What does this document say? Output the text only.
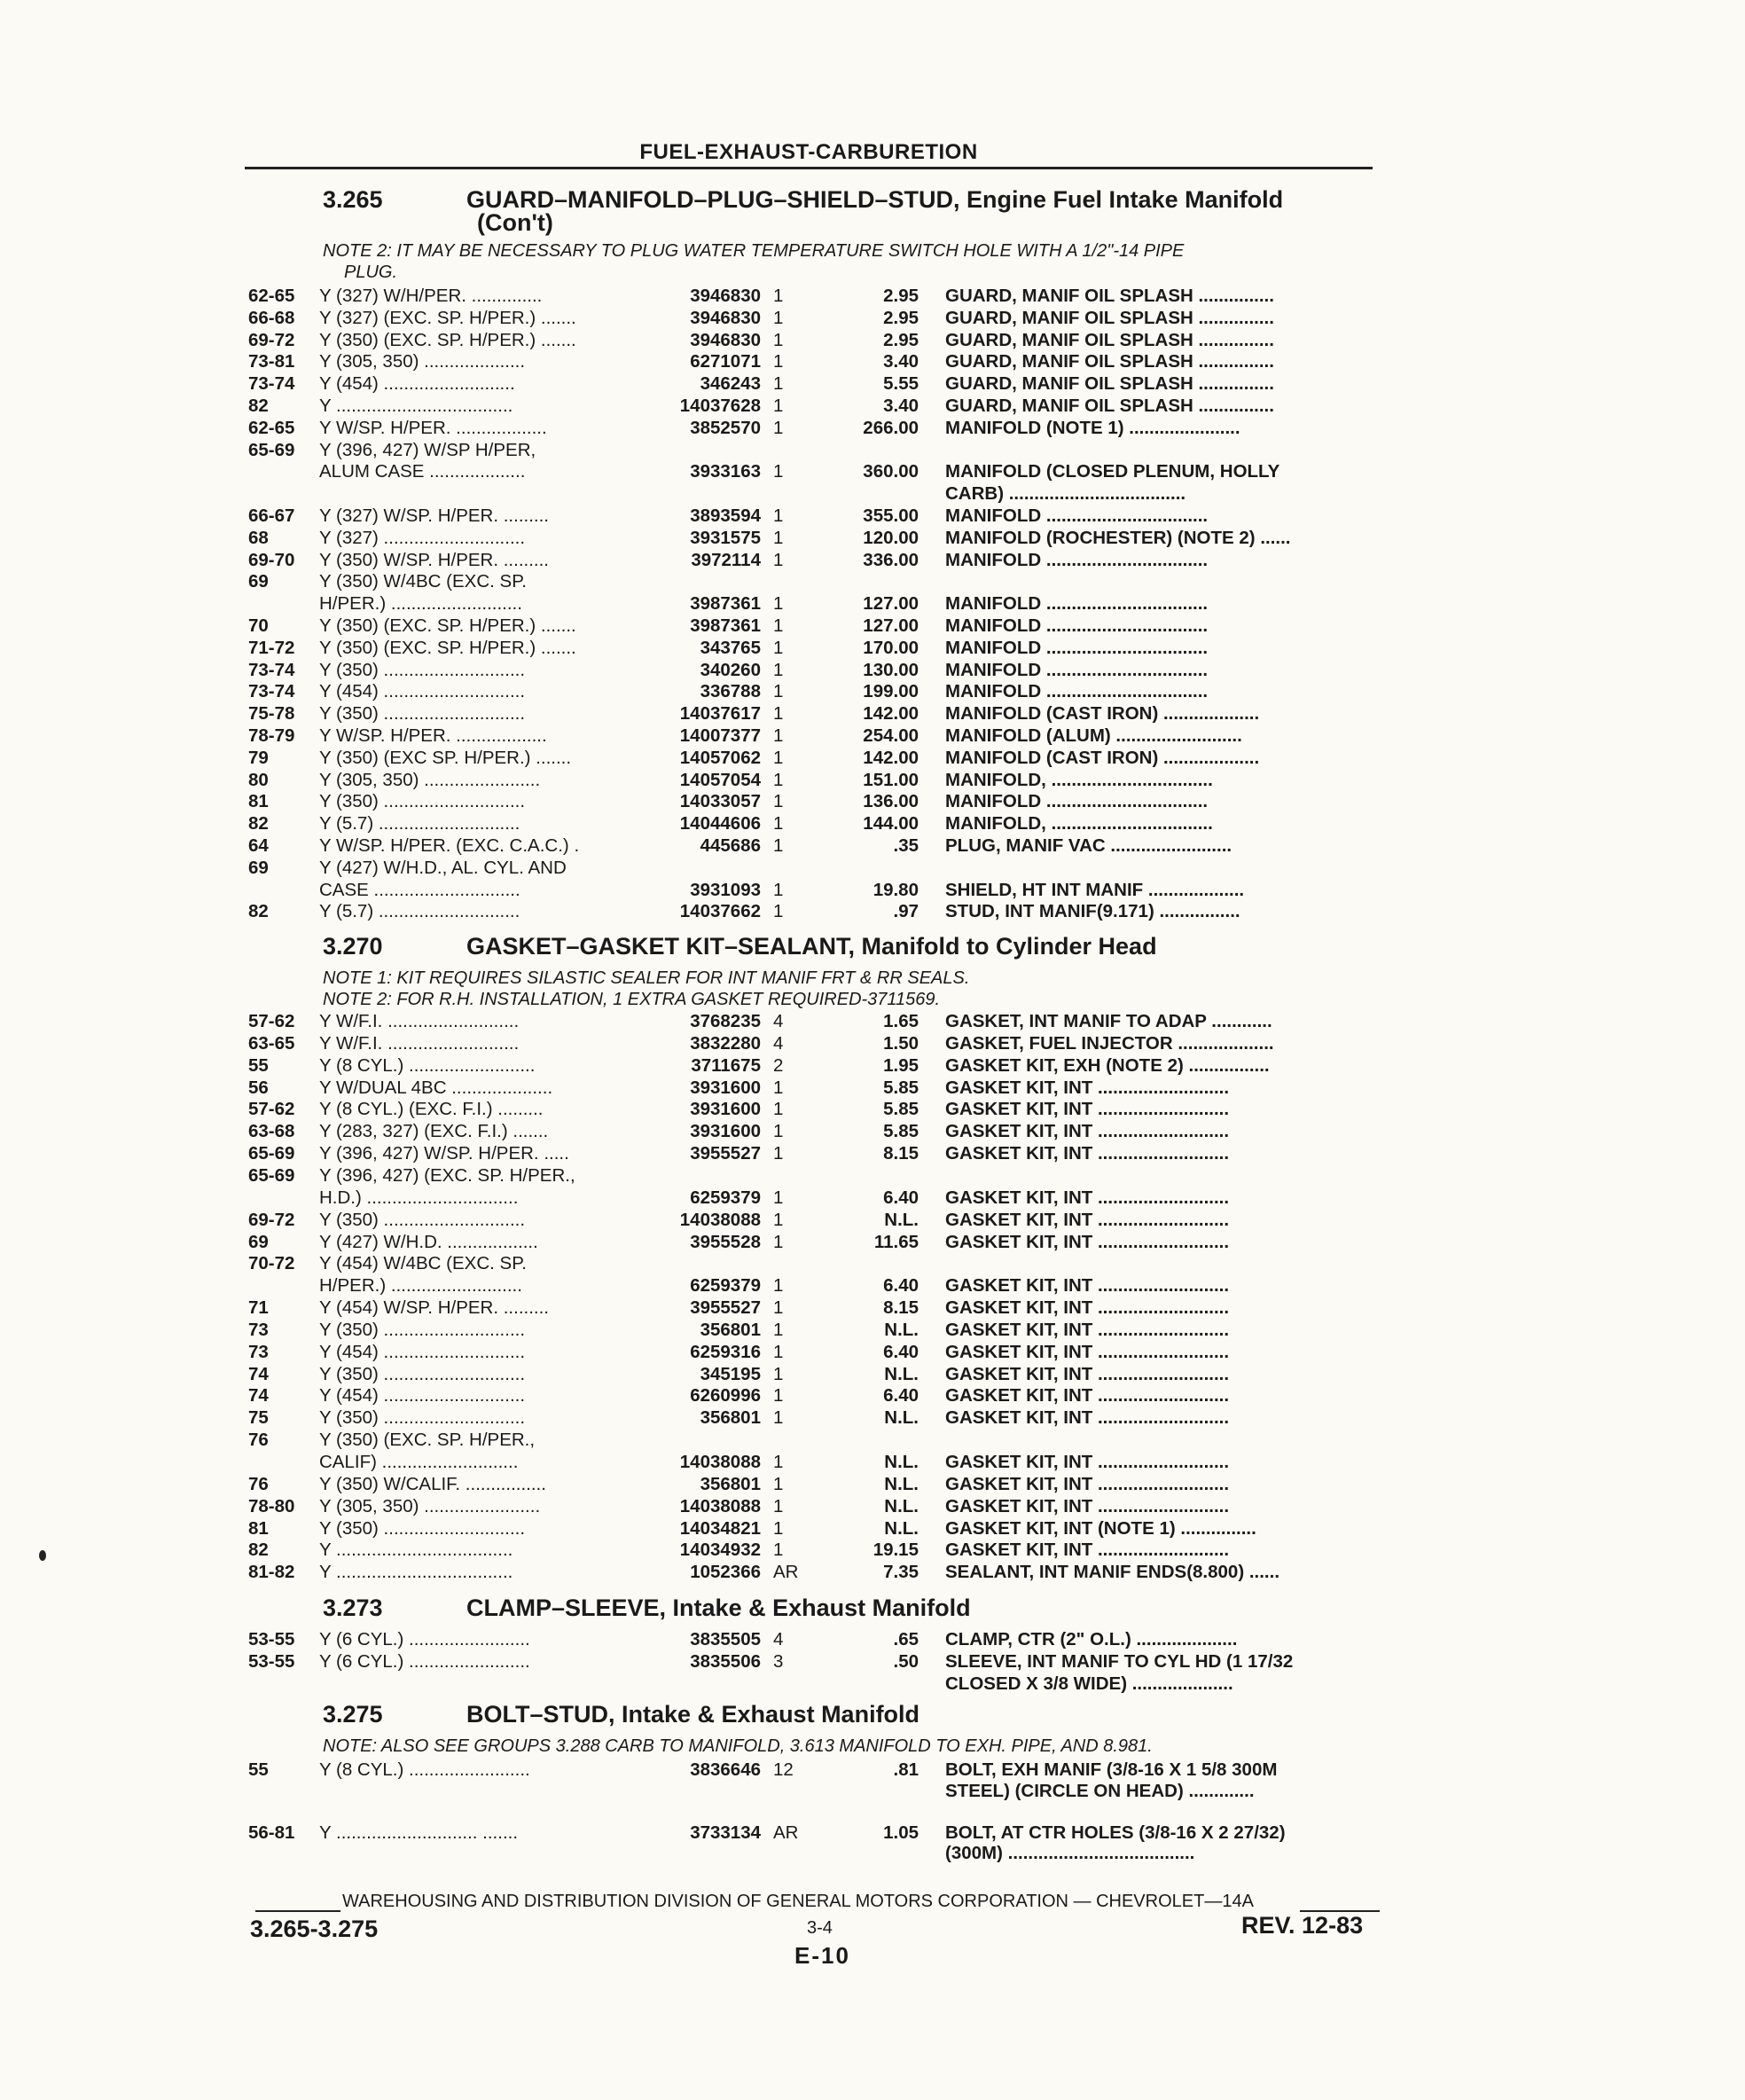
FUEL-EXHAUST-CARBURETION
3.265	GUARD–MANIFOLD–PLUG–SHIELD–STUD, Engine Fuel Intake Manifold
(Con't)
NOTE 2: IT MAY BE NECESSARY TO PLUG WATER TEMPERATURE SWITCH HOLE WITH A 1/2"-14 PIPE
PLUG.
62-65 Y (327) W/H/PER. ..............	3946830 1	2.95 GUARD, MANIF OIL SPLASH ...............
66-68 Y (327) (EXC. SP. H/PER.) .......	3946830 1	2.95 GUARD, MANIF OIL SPLASH ...............
69-72 Y (350) (EXC. SP. H/PER.) .......	3946830 1	2.95 GUARD, MANIF OIL SPLASH ...............
73-81 Y (305, 350) ....................	6271071 1	3.40 GUARD, MANIF OIL SPLASH ...............
73-74 Y (454) ..........................	346243 1	5.55 GUARD, MANIF OIL SPLASH ...............
82	Y ...................................	14037628 1	3.40 GUARD, MANIF OIL SPLASH ...............
62-65 Y W/SP. H/PER. ..................	3852570 1	266.00 MANIFOLD (NOTE 1) ......................
65-69 Y (396, 427) W/SP H/PER,
ALUM CASE ...................	3933163 1	360.00 MANIFOLD (CLOSED PLENUM, HOLLY
CARB) ...................................
66-67 Y (327) W/SP. H/PER. .........	3893594 1	355.00 MANIFOLD ................................
68	Y (327) ............................	3931575 1	120.00 MANIFOLD (ROCHESTER) (NOTE 2) ......
69-70 Y (350) W/SP. H/PER. .........	3972114 1	336.00 MANIFOLD ................................
69	Y (350) W/4BC (EXC. SP.
H/PER.) ..........................	3987361 1	127.00 MANIFOLD ................................
70	Y (350) (EXC. SP. H/PER.) .......	3987361 1	127.00 MANIFOLD ................................
71-72 Y (350) (EXC. SP. H/PER.) .......	343765 1	170.00 MANIFOLD ................................
73-74 Y (350) ............................	340260 1	130.00 MANIFOLD ................................
73-74 Y (454) ............................	336788 1	199.00 MANIFOLD ................................
75-78 Y (350) ............................	14037617 1	142.00 MANIFOLD (CAST IRON) ...................
78-79 Y W/SP. H/PER. ..................	14007377 1	254.00 MANIFOLD (ALUM) .........................
79	Y (350) (EXC SP. H/PER.) .......	14057062 1	142.00 MANIFOLD (CAST IRON) ...................
80	Y (305, 350) .......................	14057054 1	151.00 MANIFOLD, ................................
81	Y (350) ............................	14033057 1	136.00 MANIFOLD ................................
82	Y (5.7) ............................	14044606 1	144.00 MANIFOLD, ................................
64	Y W/SP. H/PER. (EXC. C.A.C.) .	445686 1	.35 PLUG, MANIF VAC ........................
69	Y (427) W/H.D., AL. CYL. AND
CASE .............................	3931093 1	19.80 SHIELD, HT INT MANIF ...................
82	Y (5.7) ............................	14037662 1	.97 STUD, INT MANIF(9.171) ................
3.270	GASKET–GASKET KIT–SEALANT, Manifold to Cylinder Head
NOTE 1: KIT REQUIRES SILASTIC SEALER FOR INT MANIF FRT & RR SEALS.
NOTE 2: FOR R.H. INSTALLATION, 1 EXTRA GASKET REQUIRED-3711569.
57-62 Y W/F.I. ..........................	3768235 4	1.65 GASKET, INT MANIF TO ADAP ............
63-65 Y W/F.I. ..........................	3832280 4	1.50 GASKET, FUEL INJECTOR ...................
55	Y (8 CYL.) .........................	3711675 2	1.95 GASKET KIT, EXH (NOTE 2) ................
56	Y W/DUAL 4BC ....................	3931600 1	5.85 GASKET KIT, INT ..........................
57-62 Y (8 CYL.) (EXC. F.I.) .........	3931600 1	5.85 GASKET KIT, INT ..........................
63-68 Y (283, 327) (EXC. F.I.) .......	3931600 1	5.85 GASKET KIT, INT ..........................
65-69 Y (396, 427) W/SP. H/PER. .....	3955527 1	8.15 GASKET KIT, INT ..........................
65-69 Y (396, 427) (EXC. SP. H/PER.,
H.D.) ..............................	6259379 1	6.40 GASKET KIT, INT ..........................
69-72 Y (350) ............................	14038088 1	N.L. GASKET KIT, INT ..........................
69	Y (427) W/H.D. ..................	3955528 1	11.65 GASKET KIT, INT ..........................
70-72 Y (454) W/4BC (EXC. SP.
H/PER.) ..........................	6259379 1	6.40 GASKET KIT, INT ..........................
71	Y (454) W/SP. H/PER. .........	3955527 1	8.15 GASKET KIT, INT ..........................
73	Y (350) ............................	356801 1	N.L. GASKET KIT, INT ..........................
73	Y (454) ............................	6259316 1	6.40 GASKET KIT, INT ..........................
74	Y (350) ............................	345195 1	N.L. GASKET KIT, INT ..........................
74	Y (454) ............................	6260996 1	6.40 GASKET KIT, INT ..........................
75	Y (350) ............................	356801 1	N.L. GASKET KIT, INT ..........................
76	Y (350) (EXC. SP. H/PER.,
CALIF) ...........................	14038088 1	N.L. GASKET KIT, INT ..........................
76	Y (350) W/CALIF. ................	356801 1	N.L. GASKET KIT, INT ..........................
78-80 Y (305, 350) .......................	14038088 1	N.L. GASKET KIT, INT ..........................
81	Y (350) ............................	14034821 1	N.L. GASKET KIT, INT (NOTE 1) ...............
82	Y ...................................	14034932 1	19.15 GASKET KIT, INT ..........................
81-82 Y ...................................	1052366 AR	7.35 SEALANT, INT MANIF ENDS(8.800) ......
3.273	CLAMP–SLEEVE, Intake & Exhaust Manifold
53-55 Y (6 CYL.) ........................	3835505 4	.65 CLAMP, CTR (2" O.L.) ....................
53-55 Y (6 CYL.) ........................	3835506 3	.50 SLEEVE, INT MANIF TO CYL HD (1 17/32
CLOSED X 3/8 WIDE) ....................
3.275	BOLT–STUD, Intake & Exhaust Manifold
NOTE: ALSO SEE GROUPS 3.288 CARB TO MANIFOLD, 3.613 MANIFOLD TO EXH. PIPE, AND 8.981.
55	Y (8 CYL.) ........................	3836646 12	.81 BOLT, EXH MANIF (3/8-16 X 1 5/8 300M
STEEL) (CIRCLE ON HEAD) .............
56-81 Y ............................ .......	3733134 AR	1.05 BOLT, AT CTR HOLES (3/8-16 X 2 27/32)
(300M) .....................................
WAREHOUSING AND DISTRIBUTION DIVISION OF GENERAL MOTORS CORPORATION — CHEVROLET—14A
3.265-3.275	3-4	REV. 12-83
E-10
